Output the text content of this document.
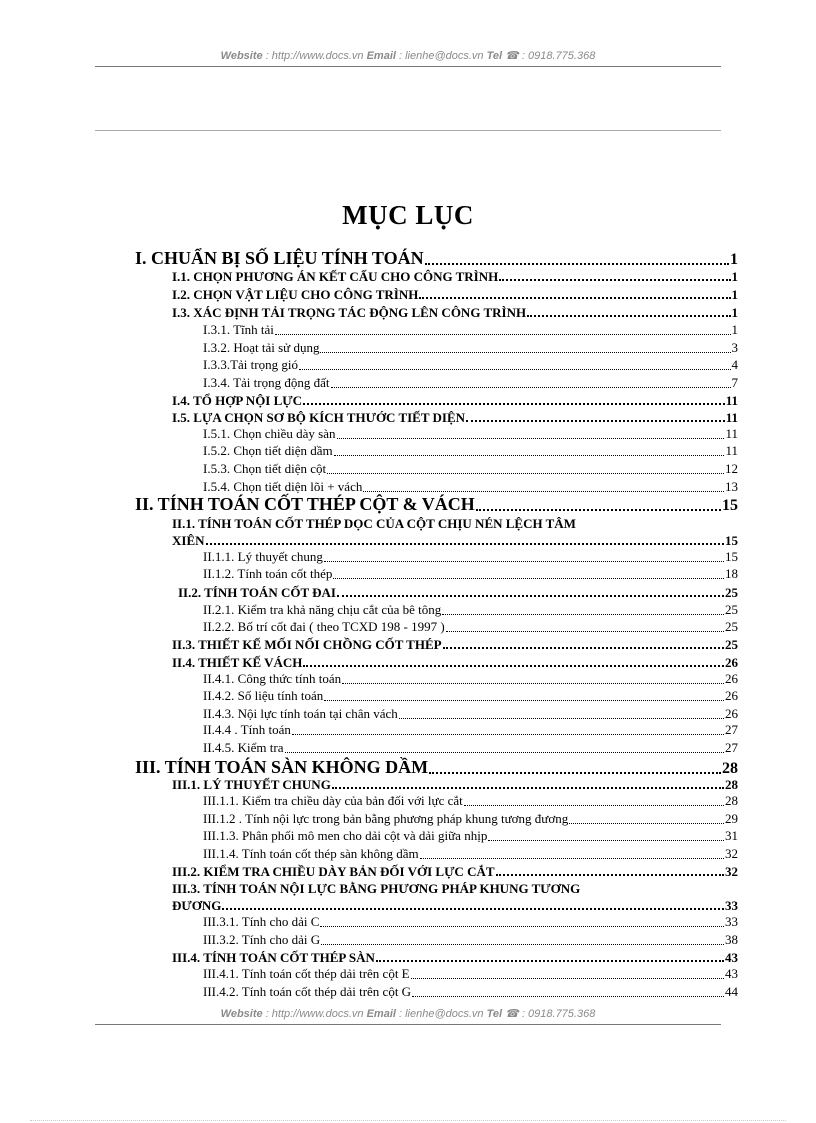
Website : http://www.docs.vn Email : lienhe@docs.vn Tel ☎ : 0918.775.368
MỤC LỤC
I. CHUẨN BỊ SỐ LIỆU TÍNH TOÁN	1
I.1. CHỌN PHƯƠNG ÁN KẾT CẤU CHO CÔNG TRÌNH	1
I.2. CHỌN VẬT LIỆU CHO CÔNG TRÌNH	1
I.3. XÁC ĐỊNH TẢI TRỌNG TÁC ĐỘNG LÊN CÔNG TRÌNH	1
I.3.1. Tĩnh tải	1
I.3.2. Hoạt tải sử dụng	3
I.3.3.Tải trọng gió	4
I.3.4. Tải trọng động đất	7
I.4. TỔ HỢP NỘI LỰC	11
I.5. LỰA CHỌN SƠ BỘ KÍCH THƯỚC TIẾT DIỆN	11
I.5.1. Chọn chiều dày sàn	11
I.5.2. Chọn tiết diện dầm	11
I.5.3. Chọn tiết diện cột	12
I.5.4. Chọn tiết diện lõi + vách	13
II. TÍNH TOÁN CỐT THÉP CỘT & VÁCH	15
II.1. TÍNH TOÁN CỐT THÉP DỌC CỦA CỘT CHỊU NÉN LỆCH TÂM
XIÊN	15
II.1.1. Lý thuyết chung	15
II.1.2. Tính toán cốt thép	18
II.2. TÍNH TOÁN CỐT ĐAI	25
II.2.1. Kiểm tra khả năng chịu cắt của bê tông	25
II.2.2. Bố trí cốt đai ( theo TCXD 198 - 1997 )	25
II.3. THIẾT KẾ MỐI NỐI CHỒNG CỐT THÉP	25
II.4. THIẾT KẾ VÁCH	26
II.4.1. Công thức tính toán	26
II.4.2. Số liệu tính toán	26
II.4.3. Nội lực tính toán tại chân vách	26
II.4.4 . Tính toán	27
II.4.5. Kiểm tra	27
III. TÍNH TOÁN SÀN KHÔNG DẦM	28
III.1. LÝ THUYẾT CHUNG	28
III.1.1. Kiểm tra chiều dày của bản đối với lực cắt	28
III.1.2 . Tính nội lực trong bản bằng phương pháp khung tương đương	29
III.1.3. Phân phối mô men cho dải cột và dải giữa nhịp	31
III.1.4. Tính toán cốt thép sàn không dầm	32
III.2. KIỂM TRA CHIỀU DÀY BẢN ĐỐI VỚI LỰC CẮT	32
III.3. TÍNH TOÁN NỘI LỰC BẰNG PHƯƠNG PHÁP KHUNG TƯƠNG
ĐƯƠNG	33
III.3.1. Tính cho dải C	33
III.3.2. Tính cho dải G	38
III.4. TÍNH TOÁN CỐT THÉP SÀN	43
III.4.1. Tính toán cốt thép dải trên cột E	43
III.4.2. Tính toán cốt thép dải trên cột G	44
Website : http://www.docs.vn Email : lienhe@docs.vn Tel ☎ : 0918.775.368
